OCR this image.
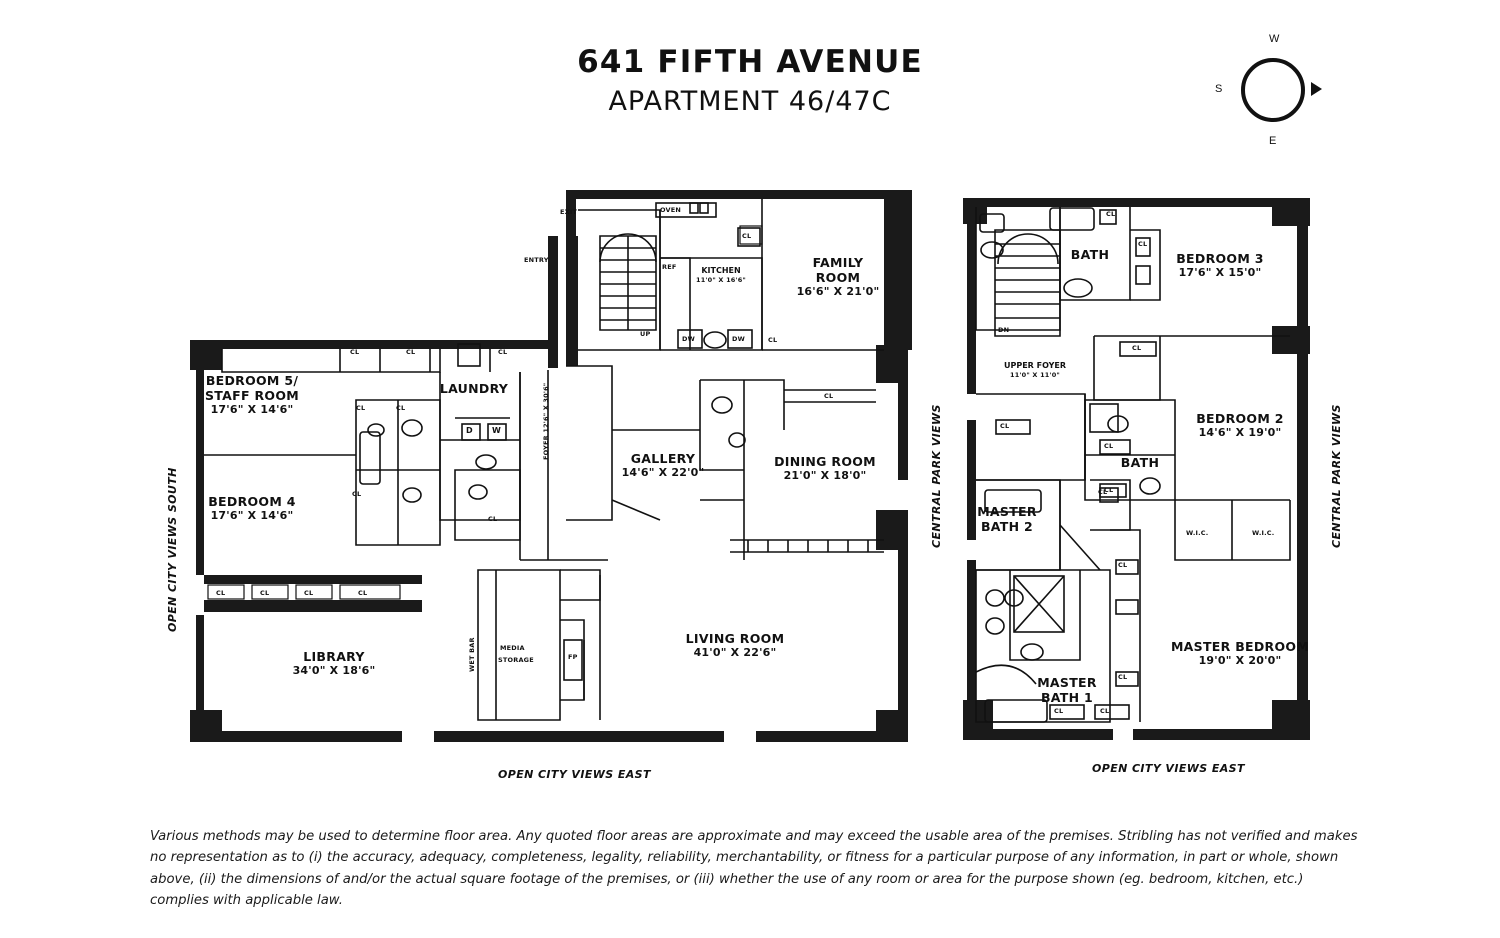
641 FIFTH AVENUE
APARTMENT 46/47C
W
S
E
BEDROOM 5/
STAFF ROOM
17'6" X 14'6"
BEDROOM 4
17'6" X 14'6"
LAUNDRY
LIBRARY
34'0" X 18'6"
GALLERY
14'6" X 22'0"
LIVING ROOM
41'0" X 22'6"
DINING ROOM
21'0" X 18'0"
FAMILY
ROOM
16'6" X 21'0"
KITCHEN
11'0" X 16'6"
EXIT
ENTRY
OVEN
REF
DW	DW
CL
CL
CL	CL	CL
CL	CL
CL
CL
CL
UP
D W
FP
MEDIA
STORAGE
WET BAR
FOYER 12'6" X 30'6"
CL	CL	CL	CL
OPEN CITY VIEWS SOUTH
OPEN CITY VIEWS EAST
CENTRAL PARK VIEWS
BATH	BEDROOM 3
17'6" X 15'0"
UPPER FOYER
11'0" X 11'0"
BEDROOM 2
14'6" X 19'0"
BATH
MASTER
BATH 2
MASTER
BATH 1
MASTER BEDROOM
19'0" X 20'0"
DN
CL
CL
CL
CL
CL
CL
CL
CL
W.I.C.	W.I.C.
CL	CL
CL	CENTRAL PARK VIEWS
OPEN CITY VIEWS EAST
Various methods may be used to determine floor area. Any quoted floor areas are approximate and may exceed the usable area of the premises. Stribling has not verified and makes no representation as to (i) the accuracy, adequacy, completeness, legality, reliability, merchantability, or fitness for a particular purpose of any information, in part or whole, shown above, (ii) the dimensions of and/or the actual square footage of the premises, or (iii) whether the use of any room or area for the purpose shown (eg. bedroom, kitchen, etc.) complies with applicable law.
